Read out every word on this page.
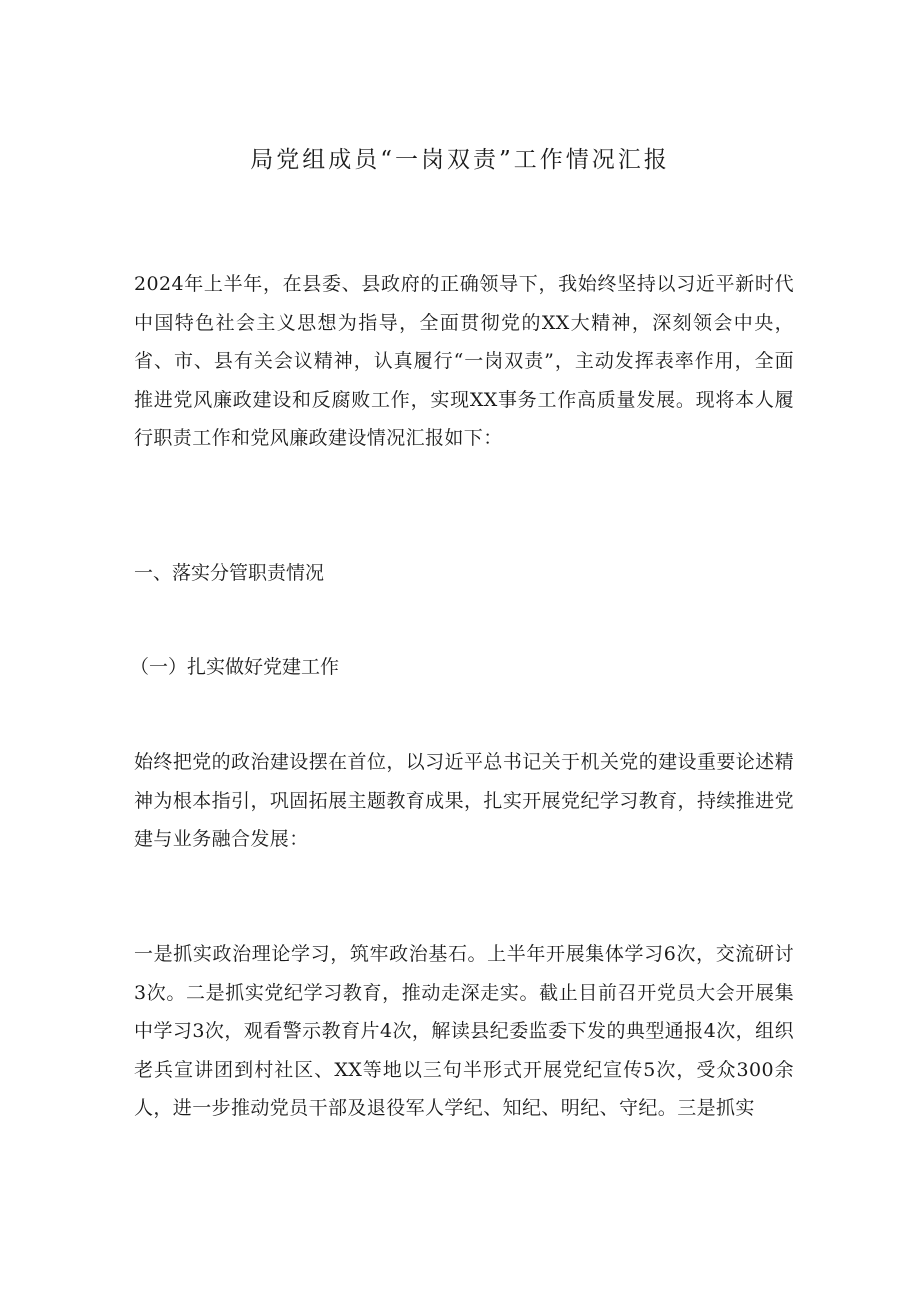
局党组成员“一岗双责”工作情况汇报

2024年上半年，在县委、县政府的正确领导下，我始终坚持以习近平新时代中国特色社会主义思想为指导，全面贯彻党的XX大精神，深刻领会中央，省、市、县有关会议精神，认真履行“一岗双责”，主动发挥表率作用，全面推进党风廉政建设和反腐败工作，实现XX事务工作高质量发展。现将本人履行职责工作和党风廉政建设情况汇报如下：

一、落实分管职责情况

（一）扎实做好党建工作

始终把党的政治建设摆在首位，以习近平总书记关于机关党的建设重要论述精神为根本指引，巩固拓展主题教育成果，扎实开展党纪学习教育，持续推进党建与业务融合发展：

一是抓实政治理论学习，筑牢政治基石。上半年开展集体学习6次，交流研讨3次。二是抓实党纪学习教育，推动走深走实。截止目前召开党员大会开展集中学习3次，观看警示教育片4次，解读县纪委监委下发的典型通报4次，组织老兵宣讲团到村社区、XX等地以三句半形式开展党纪宣传5次，受众300余人，进一步推动党员干部及退役军人学纪、知纪、明纪、守纪。三是抓实
